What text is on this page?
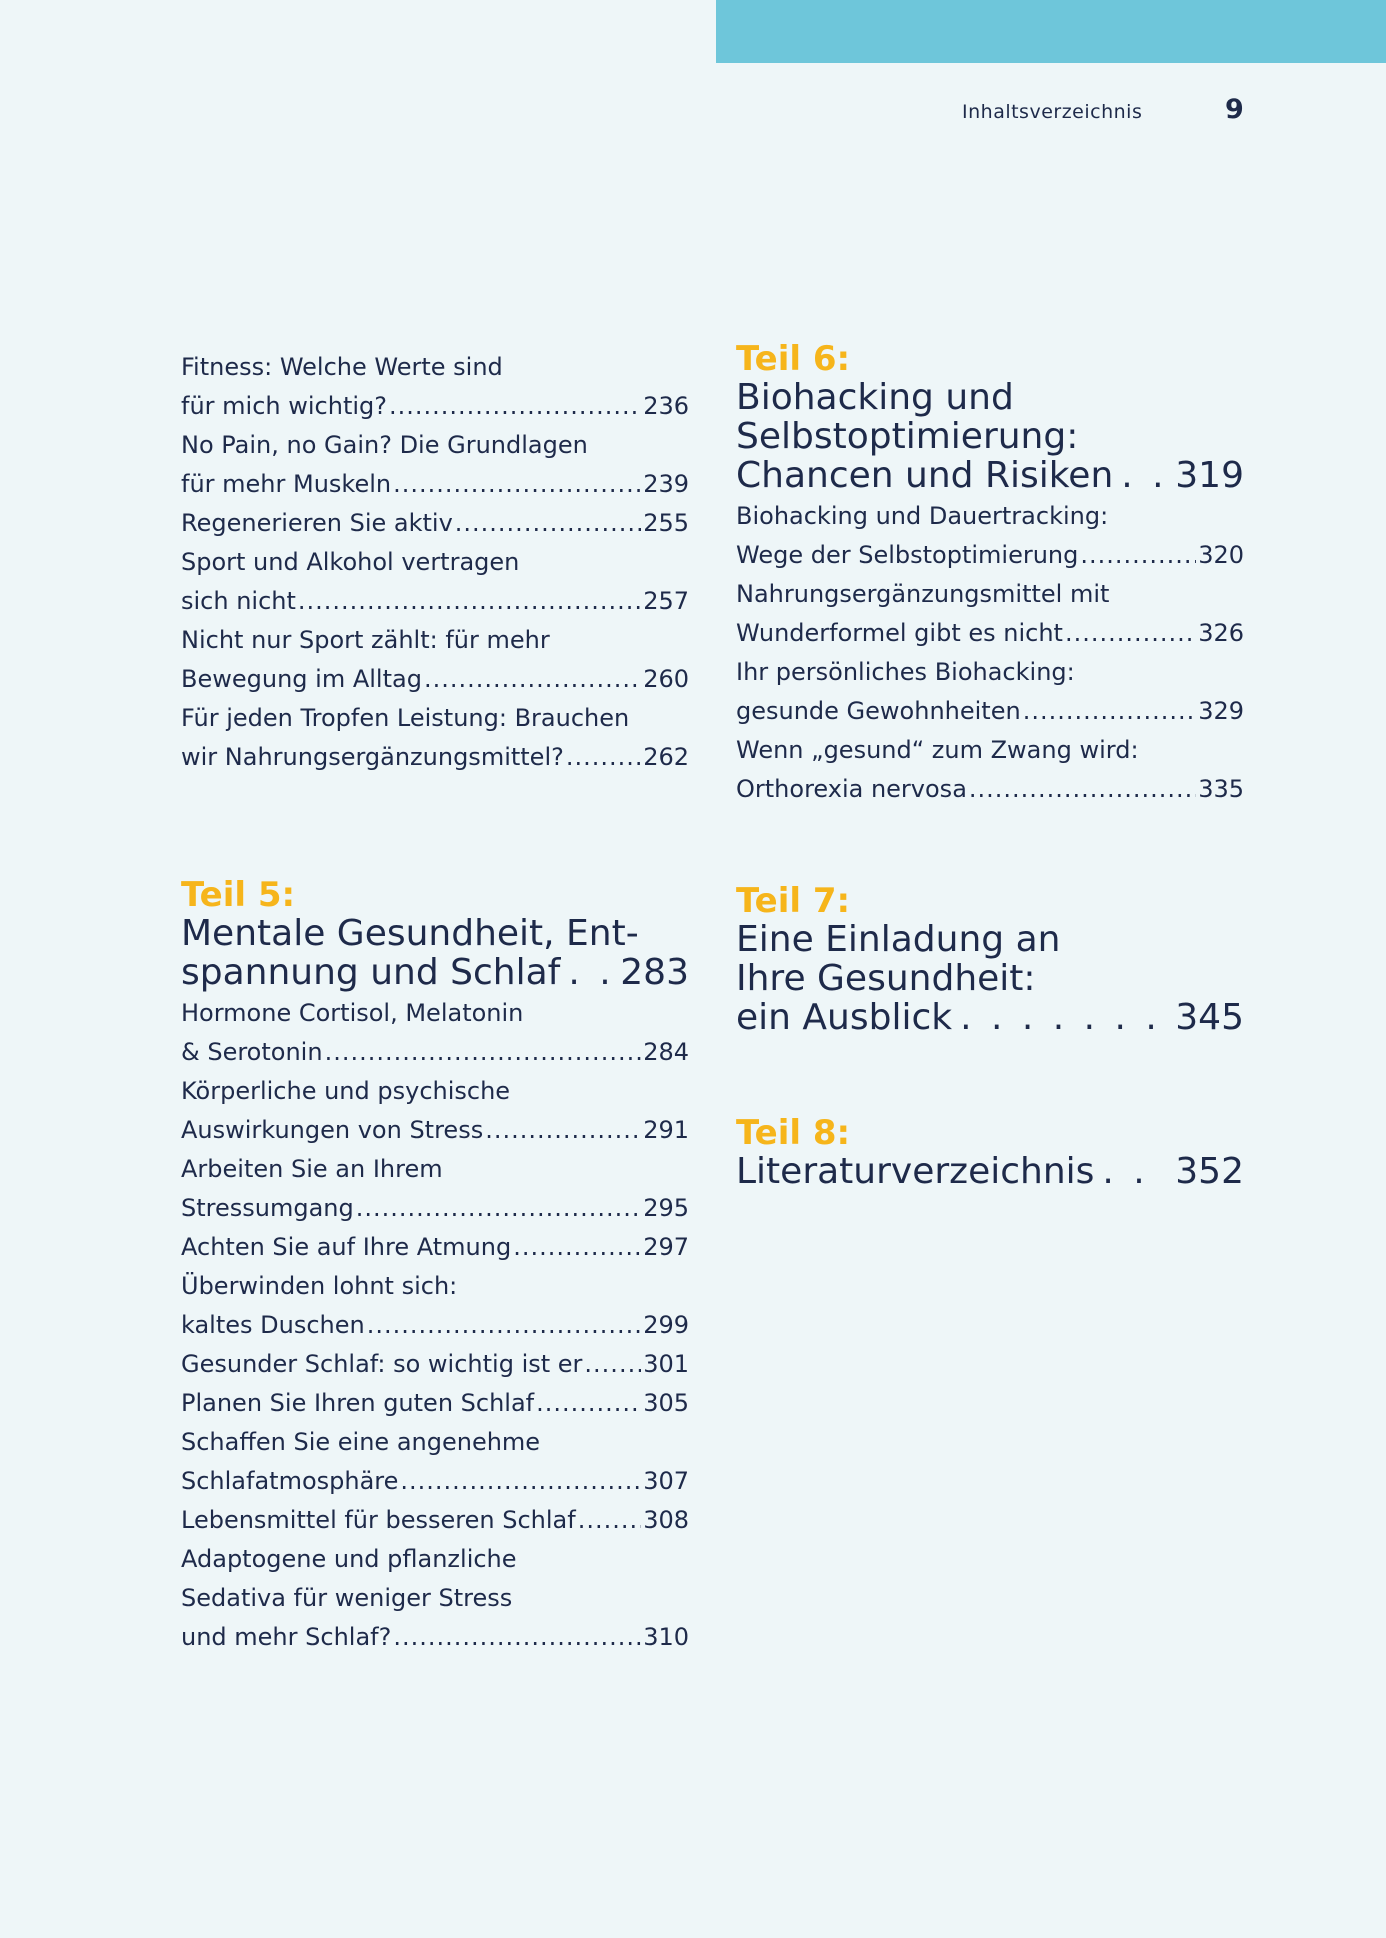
Inhaltsverzeichnis	9
Fitness: Welche Werte sind
für mich wichtig? .....	236
No Pain, no Gain? Die Grundlagen
für mehr Muskeln .....	239
Regenerieren Sie aktiv .....	255
Sport und Alkohol vertragen
sich nicht .....	257
Nicht nur Sport zählt: für mehr
Bewegung im Alltag .....	260
Für jeden Tropfen Leistung: Brauchen
wir Nahrungsergänzungsmittel? .....	262
Teil 5:
Mentale Gesundheit, Ent-
spannung und Schlaf . . . 283
Hormone Cortisol, Melatonin
& Serotonin .....	284
Körperliche und psychische
Auswirkungen von Stress .....	291
Arbeiten Sie an Ihrem
Stressumgang .....	295
Achten Sie auf Ihre Atmung .....	297
Überwinden lohnt sich:
kaltes Duschen .....	299
Gesunder Schlaf: so wichtig ist er .....	301
Planen Sie Ihren guten Schlaf .....	305
Schaffen Sie eine angenehme
Schlafatmosphäre .....	307
Lebensmittel für besseren Schlaf .....	308
Adaptogene und pflanzliche
Sedativa für weniger Stress
und mehr Schlaf? .....	310
Teil 6:
Biohacking und
Selbstoptimierung:
Chancen und Risiken . . . 319
Biohacking und Dauertracking:
Wege der Selbstoptimierung .....	320
Nahrungsergänzungsmittel mit
Wunderformel gibt es nicht .....	326
Ihr persönliches Biohacking:
gesunde Gewohnheiten .....	329
Wenn „gesund“ zum Zwang wird:
Orthorexia nervosa .....	335
Teil 7:
Eine Einladung an
Ihre Gesundheit:
ein Ausblick . . .	345
Teil 8:
Literaturverzeichnis . . . 352
